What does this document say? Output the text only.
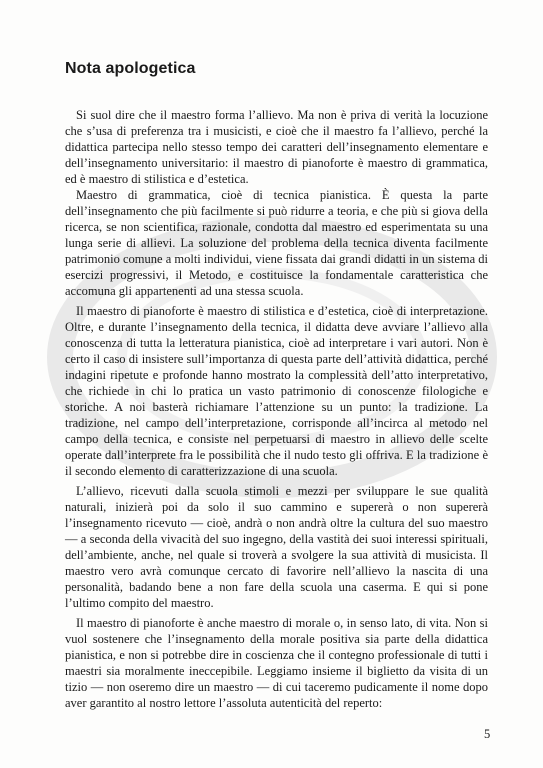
Nota apologetica

Si suol dire che il maestro forma l’allievo. Ma non è priva di verità la locuzione che s’usa di preferenza tra i musicisti, e cioè che il maestro fa l’allievo, perché la didattica partecipa nello stesso tempo dei caratteri dell’insegnamento elementare e dell’insegnamento universitario: il maestro di pianoforte è maestro di grammatica, ed è maestro di stilistica e d’estetica.

Maestro di grammatica, cioè di tecnica pianistica. È questa la parte dell’insegnamento che più facilmente si può ridurre a teoria, e che più si giova della ricerca, se non scientifica, razionale, condotta dal maestro ed esperimentata su una lunga serie di allievi. La soluzione del problema della tecnica diventa facilmente patrimonio comune a molti individui, viene fissata dai grandi didatti in un sistema di esercizi progressivi, il Metodo, e costituisce la fondamentale caratteristica che accomuna gli appartenenti ad una stessa scuola.

Il maestro di pianoforte è maestro di stilistica e d’estetica, cioè di interpretazione. Oltre, e durante l’insegnamento della tecnica, il didatta deve avviare l’allievo alla conoscenza di tutta la letteratura pianistica, cioè ad interpretare i vari autori. Non è certo il caso di insistere sull’importanza di questa parte dell’attività didattica, perché indagini ripetute e profonde hanno mostrato la complessità dell’atto interpretativo, che richiede in chi lo pratica un vasto patrimonio di conoscenze filologiche e storiche. A noi basterà richiamare l’attenzione su un punto: la tradizione. La tradizione, nel campo dell’interpretazione, corrisponde all’incirca al metodo nel campo della tecnica, e consiste nel perpetuarsi di maestro in allievo delle scelte operate dall’interprete fra le possibilità che il nudo testo gli offriva. E la tradizione è il secondo elemento di caratterizzazione di una scuola.

L’allievo, ricevuti dalla scuola stimoli e mezzi per sviluppare le sue qualità naturali, inizierà poi da solo il suo cammino e supererà o non supererà l’insegnamento ricevuto — cioè, andrà o non andrà oltre la cultura del suo maestro — a seconda della vivacità del suo ingegno, della vastità dei suoi interessi spirituali, dell’ambiente, anche, nel quale si troverà a svolgere la sua attività di musicista. Il maestro vero avrà comunque cercato di favorire nell’allievo la nascita di una personalità, badando bene a non fare della scuola una caserma. E qui si pone l’ultimo compito del maestro.

Il maestro di pianoforte è anche maestro di morale o, in senso lato, di vita. Non si vuol sostenere che l’insegnamento della morale positiva sia parte della didattica pianistica, e non si potrebbe dire in coscienza che il contegno professionale di tutti i maestri sia moralmente ineccepibile. Leggiamo insieme il biglietto da visita di un tizio — non oseremo dire un maestro — di cui taceremo pudicamente il nome dopo aver garantito al nostro lettore l’assoluta autenticità del reperto:

5
